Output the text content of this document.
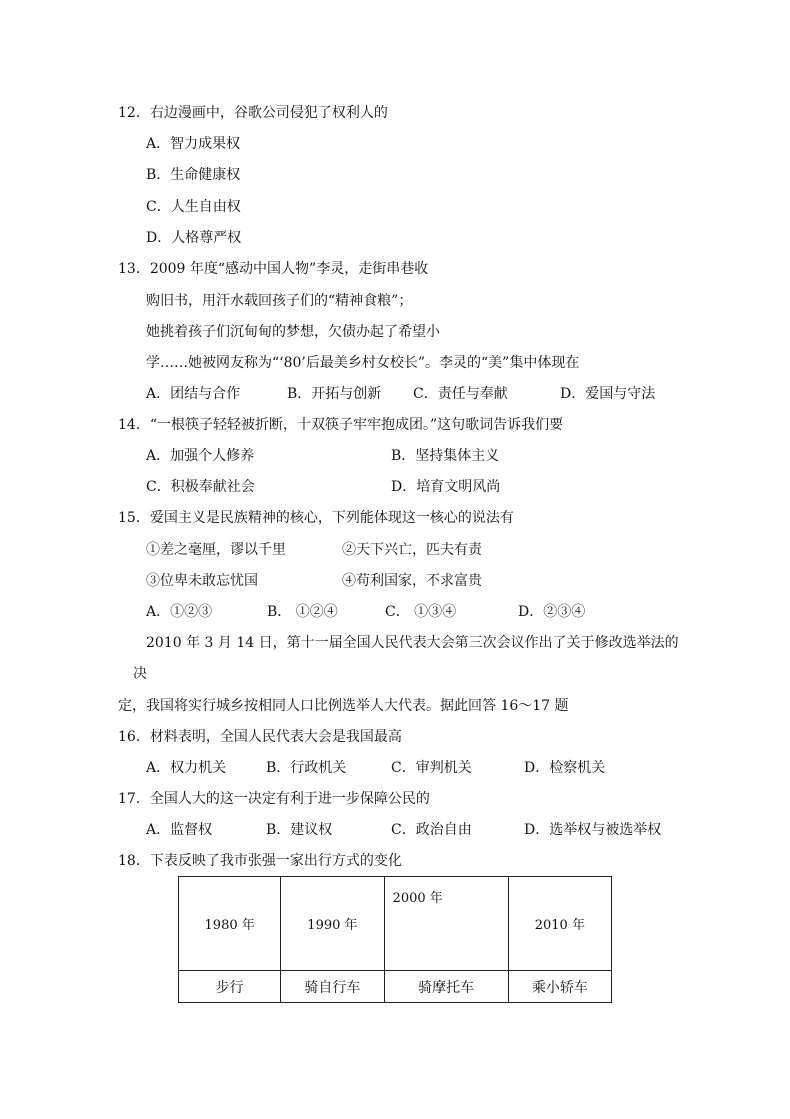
12．右边漫画中，谷歌公司侵犯了权利人的
A．智力成果权
B．生命健康权
C．人生自由权
D．人格尊严权
13．2009 年度“感动中国人物”李灵，走街串巷收
购旧书，用汗水载回孩子们的“精神食粮”；
她挑着孩子们沉甸甸的梦想，欠债办起了希望小
学……她被网友称为“‘80’后最美乡村女校长”。李灵的“美”集中体现在
A．团结与合作	B．开拓与创新 C．责任与奉献	D．爱国与守法
14．“一根筷子轻轻被折断，十双筷子牢牢抱成团。”这句歌词告诉我们要
A．加强个人修养	B．坚持集体主义
C．积极奉献社会	D．培育文明风尚
15．爱国主义是民族精神的核心，下列能体现这一核心的说法有
①差之毫厘，谬以千里	②天下兴亡，匹夫有责
③位卑未敢忘忧国	④苟利国家，不求富贵
A．①②③	B． ①②④	C． ①③④	D．②③④
2010 年 3 月 14 日，第十一届全国人民代表大会第三次会议作出了关于修改选举法的
决
定，我国将实行城乡按相同人口比例选举人大代表。据此回答 16～17 题
16．材料表明，全国人民代表大会是我国最高
A．权力机关	B．行政机关	C．审判机关	D．检察机关
17．全国人大的这一决定有利于进一步保障公民的
A．监督权	B．建议权	C．政治自由	D．选举权与被选举权
18．下表反映了我市张强一家出行方式的变化
1980 年	1990 年	2000 年	2010 年
步行	骑自行车	骑摩托车	乘小轿车
